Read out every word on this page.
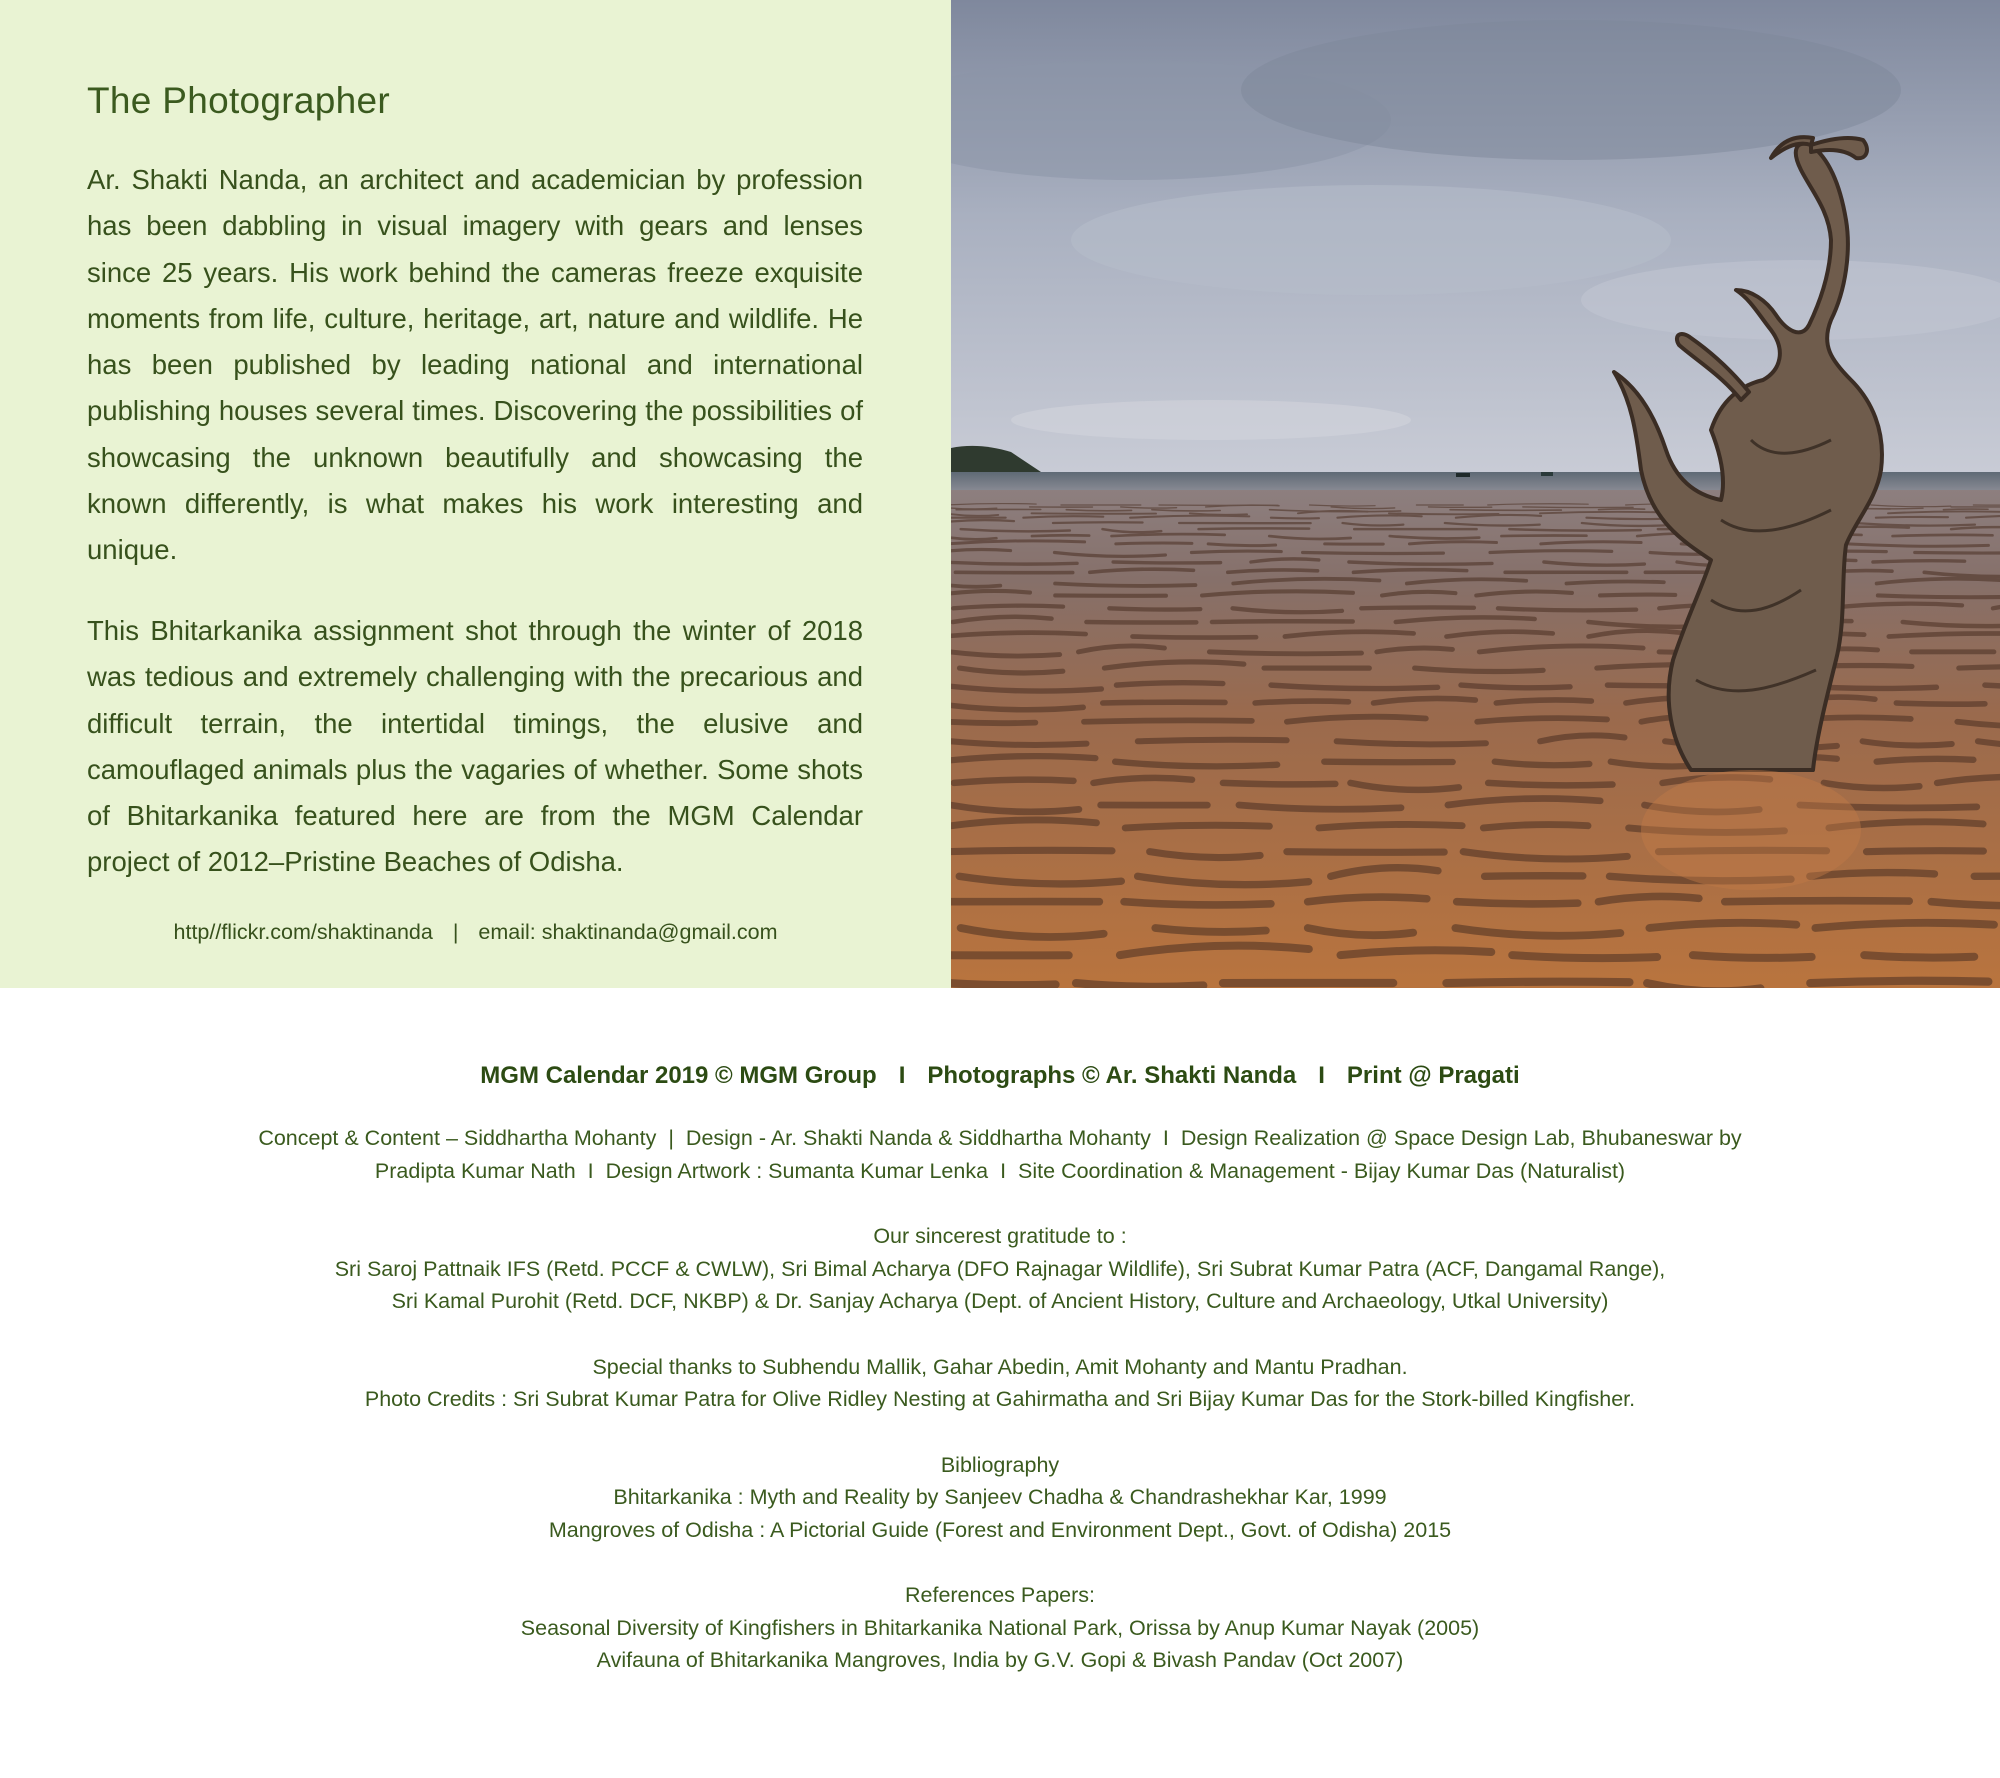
The Photographer

Ar. Shakti Nanda, an architect and academician by profession has been dabbling in visual imagery with gears and lenses since 25 years. His work behind the cameras freeze exquisite moments from life, culture, heritage, art, nature and wildlife. He has been published by leading national and international publishing houses several times. Discovering the possibilities of showcasing the unknown beautifully and showcasing the known differently, is what makes his work interesting and unique.

This Bhitarkanika assignment shot through the winter of 2018 was tedious and extremely challenging with the precarious and difficult terrain, the intertidal timings, the elusive and camouflaged animals plus the vagaries of whether. Some shots of Bhitarkanika featured here are from the MGM Calendar project of 2012–Pristine Beaches of Odisha.

http//flickr.com/shaktinanda | email: shaktinanda@gmail.com

MGM Calendar 2019 © MGM Group I Photographs © Ar. Shakti Nanda I Print @ Pragati

Concept & Content – Siddhartha Mohanty | Design - Ar. Shakti Nanda & Siddhartha Mohanty I Design Realization @ Space Design Lab, Bhubaneswar by
Pradipta Kumar Nath I Design Artwork : Sumanta Kumar Lenka I Site Coordination & Management - Bijay Kumar Das (Naturalist)

Our sincerest gratitude to :
Sri Saroj Pattnaik IFS (Retd. PCCF & CWLW), Sri Bimal Acharya (DFO Rajnagar Wildlife), Sri Subrat Kumar Patra (ACF, Dangamal Range),
Sri Kamal Purohit (Retd. DCF, NKBP) & Dr. Sanjay Acharya (Dept. of Ancient History, Culture and Archaeology, Utkal University)

Special thanks to Subhendu Mallik, Gahar Abedin, Amit Mohanty and Mantu Pradhan.
Photo Credits : Sri Subrat Kumar Patra for Olive Ridley Nesting at Gahirmatha and Sri Bijay Kumar Das for the Stork-billed Kingfisher.

Bibliography
Bhitarkanika : Myth and Reality by Sanjeev Chadha & Chandrashekhar Kar, 1999
Mangroves of Odisha : A Pictorial Guide (Forest and Environment Dept., Govt. of Odisha) 2015

References Papers:
Seasonal Diversity of Kingfishers in Bhitarkanika National Park, Orissa by Anup Kumar Nayak (2005)
Avifauna of Bhitarkanika Mangroves, India by G.V. Gopi & Bivash Pandav (Oct 2007)
